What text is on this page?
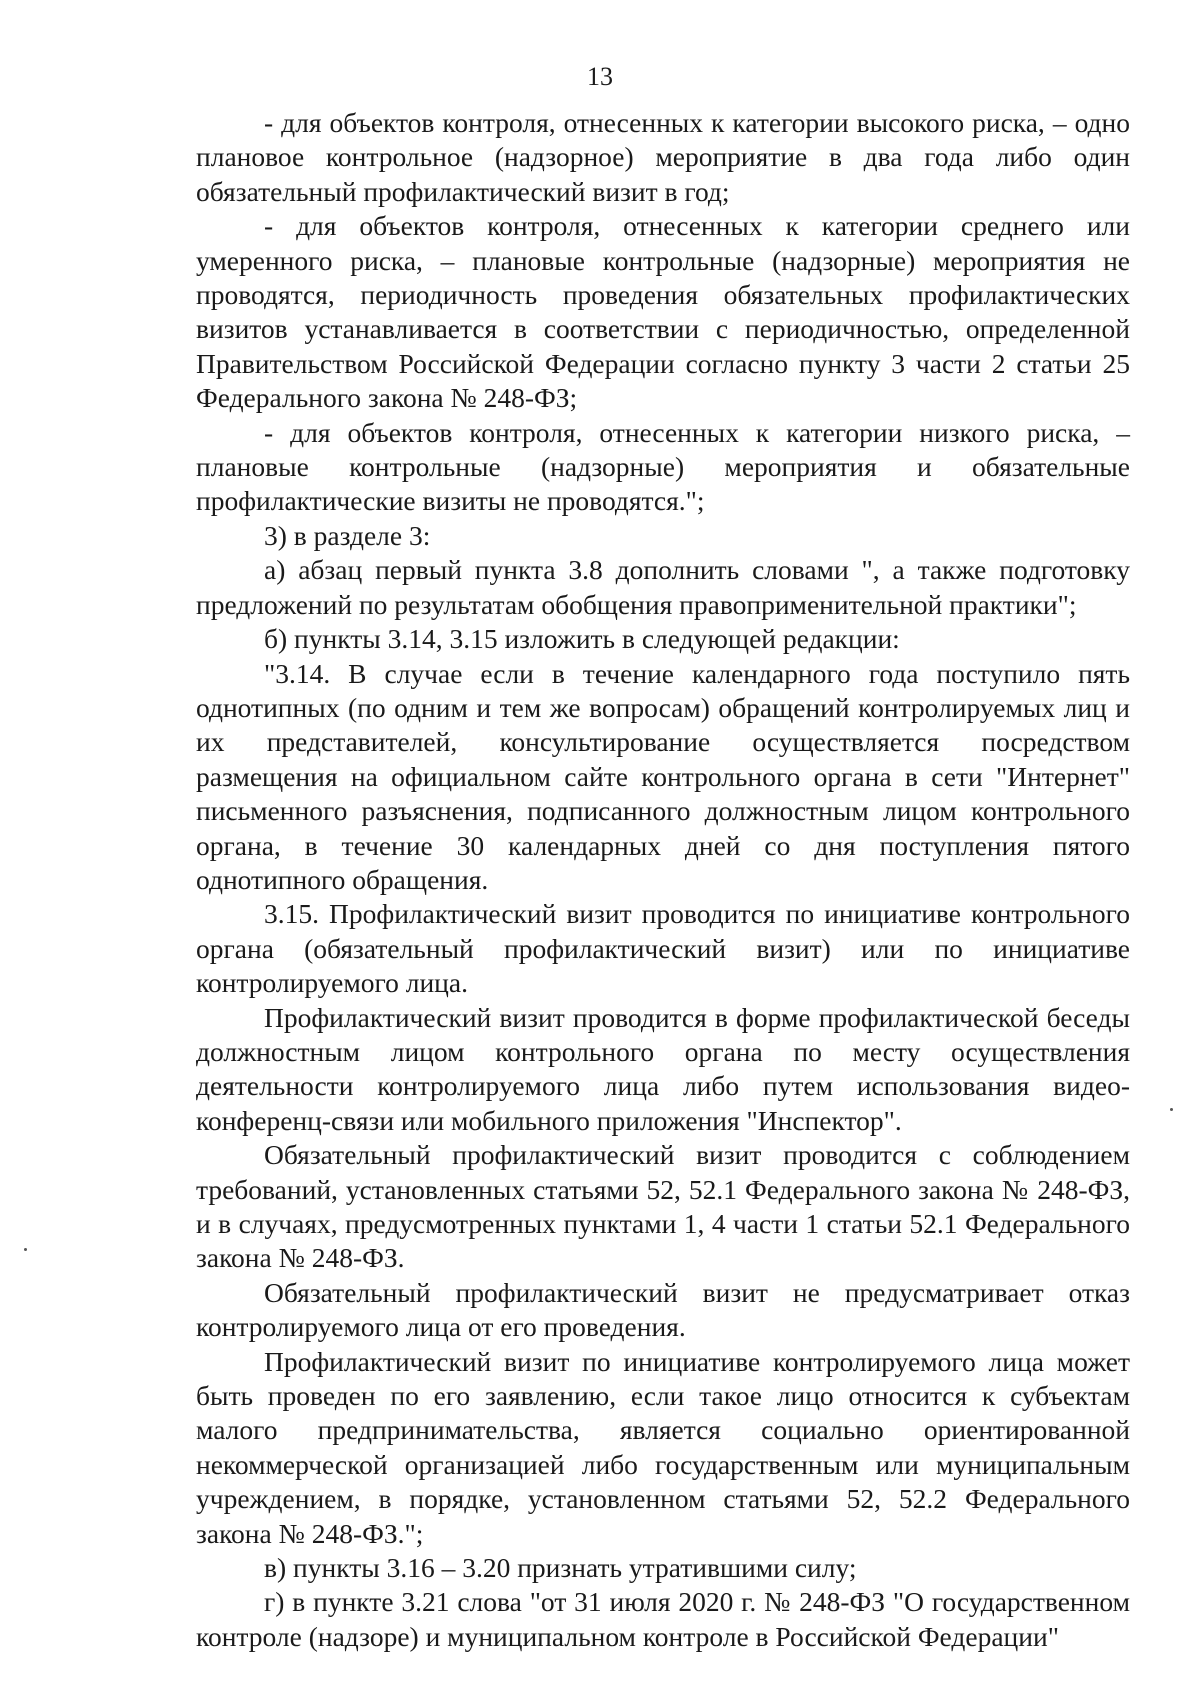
13

- для объектов контроля, отнесенных к категории высокого риска, – одно плановое контрольное (надзорное) мероприятие в два года либо один обязательный профилактический визит в год;

- для объектов контроля, отнесенных к категории среднего или умеренного риска, – плановые контрольные (надзорные) мероприятия не проводятся, периодичность проведения обязательных профилактических визитов устанавливается в соответствии с периодичностью, определенной Правительством Российской Федерации согласно пункту 3 части 2 статьи 25 Федерального закона № 248-ФЗ;

- для объектов контроля, отнесенных к категории низкого риска, – плановые контрольные (надзорные) мероприятия и обязательные профилактические визиты не проводятся.";

3) в разделе 3:

а) абзац первый пункта 3.8 дополнить словами ", а также подготовку предложений по результатам обобщения правоприменительной практики";

б) пункты 3.14, 3.15 изложить в следующей редакции:

"3.14. В случае если в течение календарного года поступило пять однотипных (по одним и тем же вопросам) обращений контролируемых лиц и их представителей, консультирование осуществляется посредством размещения на официальном сайте контрольного органа в сети "Интернет" письменного разъяснения, подписанного должностным лицом контрольного органа, в течение 30 календарных дней со дня поступления пятого однотипного обращения.

3.15. Профилактический визит проводится по инициативе контрольного органа (обязательный профилактический визит) или по инициативе контролируемого лица.

Профилактический визит проводится в форме профилактической беседы должностным лицом контрольного органа по месту осуществления деятельности контролируемого лица либо путем использования видео-конференц-связи или мобильного приложения "Инспектор".

Обязательный профилактический визит проводится с соблюдением требований, установленных статьями 52, 52.1 Федерального закона № 248-ФЗ, и в случаях, предусмотренных пунктами 1, 4 части 1 статьи 52.1 Федерального закона № 248-ФЗ.

Обязательный профилактический визит не предусматривает отказ контролируемого лица от его проведения.

Профилактический визит по инициативе контролируемого лица может быть проведен по его заявлению, если такое лицо относится к субъектам малого предпринимательства, является социально ориентированной некоммерческой организацией либо государственным или муниципальным учреждением, в порядке, установленном статьями 52, 52.2 Федерального закона № 248-ФЗ.";

в) пункты 3.16 – 3.20 признать утратившими силу;

г) в пункте 3.21 слова "от 31 июля 2020 г. № 248-ФЗ "О государственном контроле (надзоре) и муниципальном контроле в Российской Федерации"
